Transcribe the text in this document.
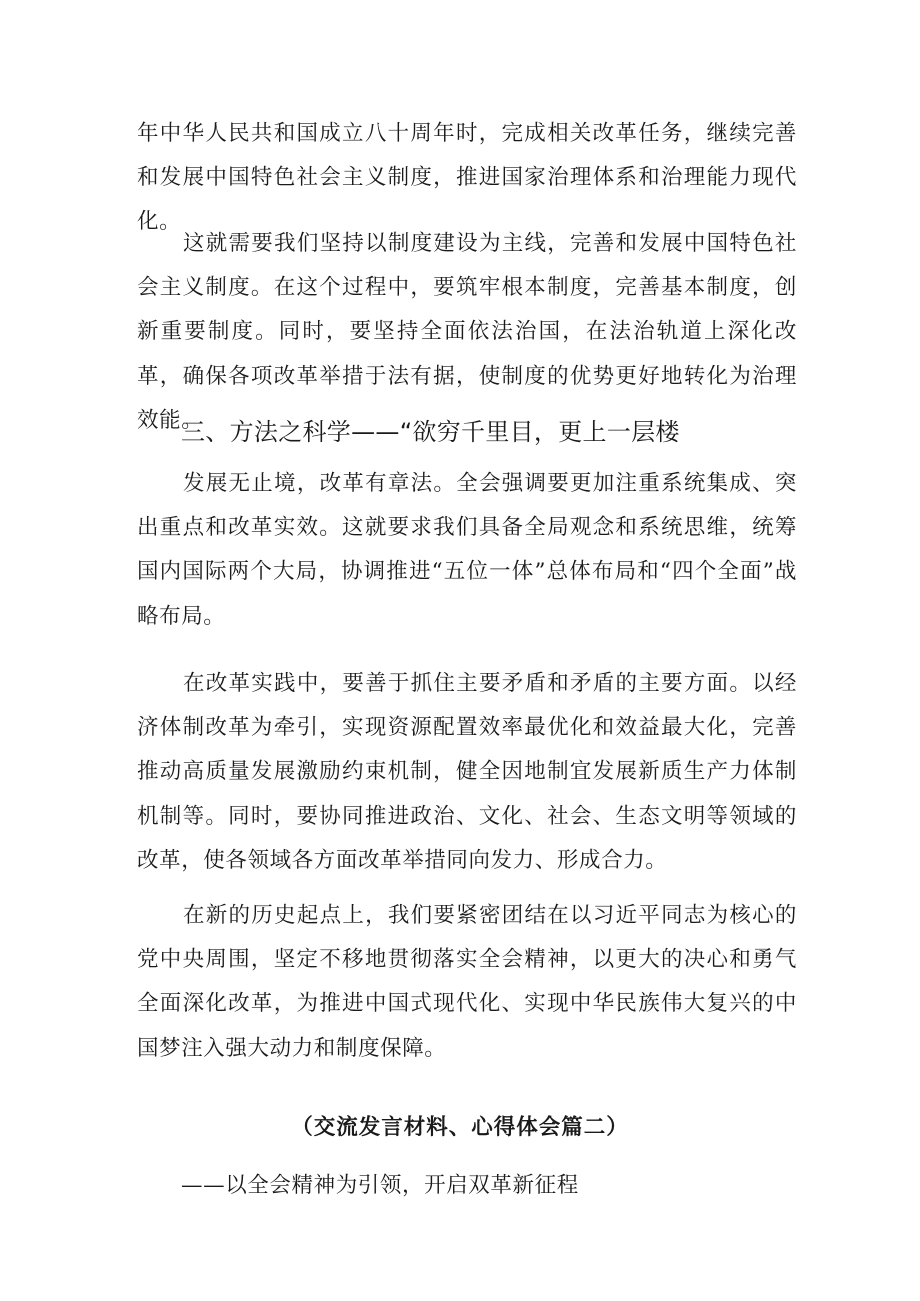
年中华人民共和国成立八十周年时，完成相关改革任务，继续完善和发展中国特色社会主义制度，推进国家治理体系和治理能力现代化。

这就需要我们坚持以制度建设为主线，完善和发展中国特色社会主义制度。在这个过程中，要筑牢根本制度，完善基本制度，创新重要制度。同时，要坚持全面依法治国，在法治轨道上深化改革，确保各项改革举措于法有据，使制度的优势更好地转化为治理效能。

三、方法之科学——“欲穷千里目，更上一层楼

发展无止境，改革有章法。全会强调要更加注重系统集成、突出重点和改革实效。这就要求我们具备全局观念和系统思维，统筹国内国际两个大局，协调推进“五位一体”总体布局和“四个全面”战略布局。

在改革实践中，要善于抓住主要矛盾和矛盾的主要方面。以经济体制改革为牵引，实现资源配置效率最优化和效益最大化，完善推动高质量发展激励约束机制，健全因地制宜发展新质生产力体制机制等。同时，要协同推进政治、文化、社会、生态文明等领域的改革，使各领域各方面改革举措同向发力、形成合力。

在新的历史起点上，我们要紧密团结在以习近平同志为核心的党中央周围，坚定不移地贯彻落实全会精神，以更大的决心和勇气全面深化改革，为推进中国式现代化、实现中华民族伟大复兴的中国梦注入强大动力和制度保障。

（交流发言材料、心得体会篇二）

——以全会精神为引领，开启双革新征程
